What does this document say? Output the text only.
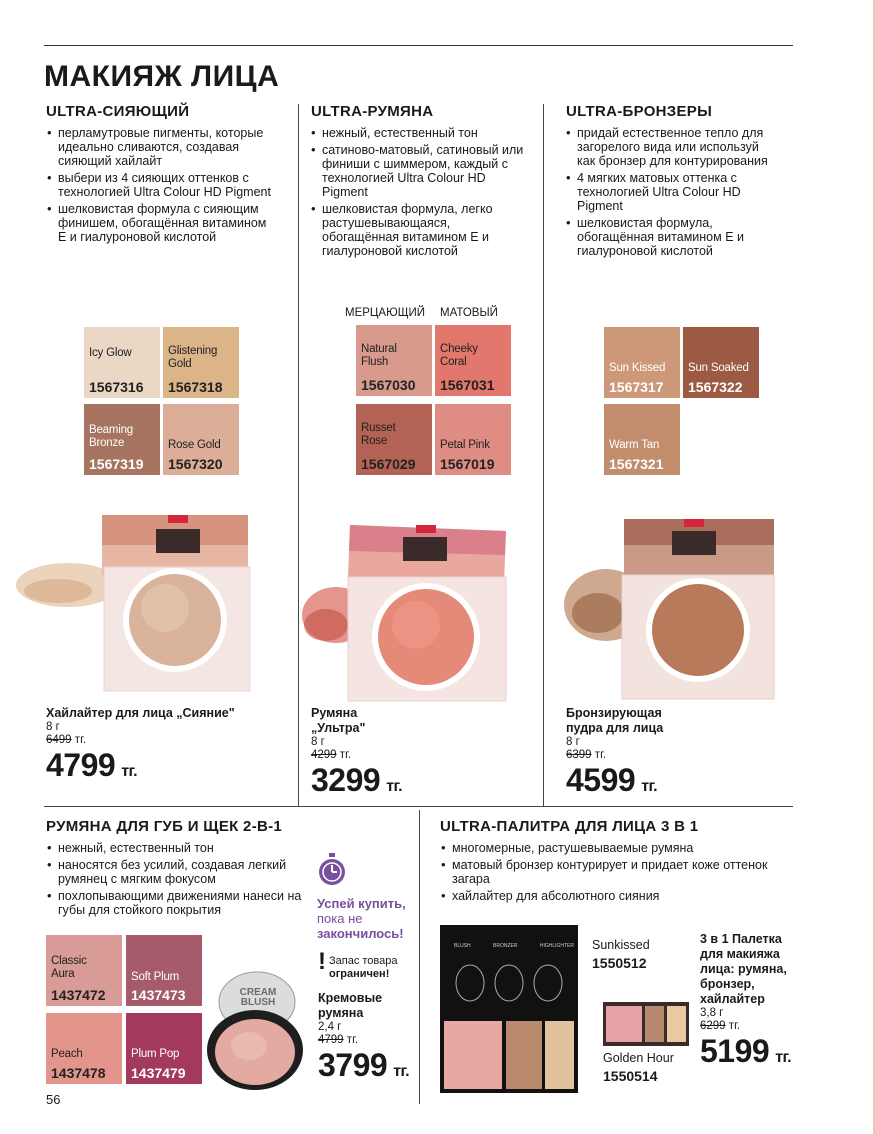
МАКИЯЖ ЛИЦА
ULTRA-СИЯЮЩИЙ
• перламутровые пигменты, которые идеально сливаются, создавая сияющий хайлайт
• выбери из 4 сияющих оттенков с технологией Ultra Colour HD Pigment
• шелковистая формула с сияющим финишем, обогащённая витамином E и гиалуроновой кислотой
Icy Glow
1567316
Glistening Gold
1567318
Beaming Bronze
1567319
Rose Gold
1567320
Хайлайтер для лица „Сияние"
8 г
6499 тг.
4799 тг.
ULTRA-РУМЯНА
• нежный, естественный тон
• сатиново-матовый, сатиновый или финиши с шиммером, каждый с технологией Ultra Colour HD Pigment
• шелковистая формула, легко растушевывающаяся, обогащённая витамином E и гиалуроновой кислотой
МЕРЦАЮЩИЙ МАТОВЫЙ
Natural Flush
1567030
Cheeky Coral
1567031
Russet Rose
1567029
Petal Pink
1567019
Румяна „Ультра"
8 г
4299 тг.
3299 тг.
ULTRA-БРОНЗЕРЫ
• придай естественное тепло для загорелого вида или используй как бронзер для контурирования
• 4 мягких матовых оттенка с технологией Ultra Colour HD Pigment
• шелковистая формула, обогащённая витамином E и гиалуроновой кислотой
Sun Kissed
1567317
Sun Soaked
1567322
Warm Tan
1567321
Бронзирующая пудра для лица
8 г
6399 тг.
4599 тг.
РУМЯНА ДЛЯ ГУБ И ЩЕК 2-В-1
• нежный, естественный тон
• наносятся без усилий, создавая легкий румянец с мягким фокусом
• похлопывающими движениями нанеси на губы для стойкого покрытия
Classic Aura
1437472
Soft Plum
1437473
Peach
1437478
Plum Pop
1437479
CREAM BLUSH
Успей купить,
пока не
закончилось!
! Запас товара
ограничен!
Кремовые румяна
2,4 г
4799 тг.
3799 тг.
ULTRA-ПАЛИТРА ДЛЯ ЛИЦА 3 В 1
• многомерные, растушевываемые румяна
• матовый бронзер контурирует и придает коже оттенок загара
• хайлайтер для абсолютного сияния
BLUSH	BRONZER	HIGHLIGHTER Sunkissed
1550512
Golden Hour
1550514
3 в 1 Палетка для макияжа лица: румяна, бронзер, хайлайтер
3,8 г
6299 тг.
5199 тг.
56
